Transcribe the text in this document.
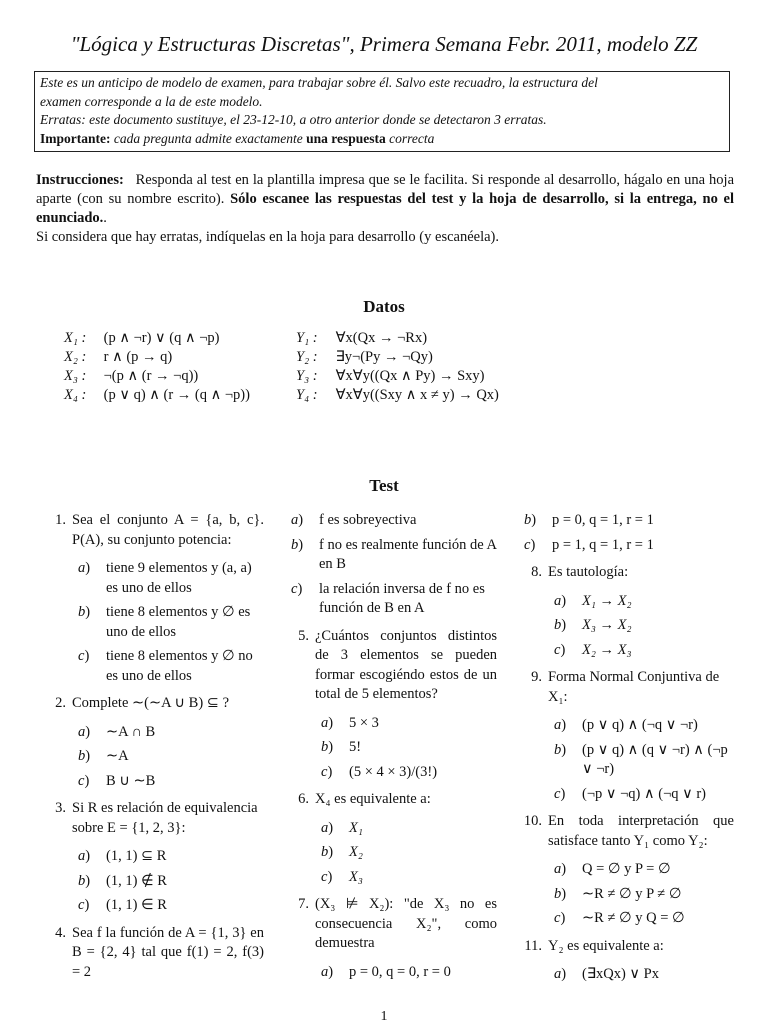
"Lógica y Estructuras Discretas", Primera Semana Febr. 2011, modelo ZZ
Este es un anticipo de modelo de examen, para trabajar sobre él. Salvo este recuadro, la estructura del
examen corresponde a la de este modelo.
Erratas: este documento sustituye, el 23-12-10, a otro anterior donde se detectaron 3 erratas.
Importante: cada pregunta admite exactamente una respuesta correcta
Instrucciones: Responda al test en la plantilla impresa que se le facilita. Si responde al desarrollo, hágalo en una hoja aparte (con su nombre escrito). Sólo escanee las respuestas del test y la hoja de desarrollo, si la entrega, no el enunciado..
Si considera que hay erratas, indíquelas en la hoja para desarrollo (y escanéela).
Datos
X₁ : (p ∧ ¬r) ∨ (q ∧ ¬p)
X₂ : r ∧ (p → q)
X₃ : ¬(p ∧ (r → ¬q))
X₄ : (p ∨ q) ∧ (r → (q ∧ ¬p))
Y₁ : ∀x(Qx → ¬Rx)
Y₂ : ∃y¬(Py → ¬Qy)
Y₃ : ∀x∀y((Qx ∧ Py) → Sxy)
Y₄ : ∀x∀y((Sxy ∧ x ≠ y) → Qx)
Test
1. Sea el conjunto A = {a, b, c}. P(A), su conjunto potencia:
a )	tiene 9 elementos y (a, a) es uno de ellos
b )	tiene 8 elementos y ∅ es uno de ellos
c )	tiene 8 elementos y ∅ no es uno de ellos
2. Complete ∼(∼A ∪ B) ⊆ ?
a )	∼A ∩ B
b )	∼A
c )	B ∪ ∼B
3. Si R es relación de equivalencia sobre E = {1, 2, 3}:
a )	(1, 1) ⊆ R
b )	(1, 1) ∉ R
c )	(1, 1) ∈ R
4. Sea f la función de A = {1, 3} en B = {2, 4} tal que f(1) = 2, f(3) = 2
a )	f es sobreyectiva
b )	f no es realmente función de A en B
c )	la relación inversa de f no es función de B en A
5. ¿Cuántos conjuntos distintos de 3 elementos se pueden formar escogiéndo estos de un total de 5 elementos?
a )	5 × 3
b )	5!
c )	(5 × 4 × 3)/(3!)
6. X₄ es equivalente a:
a )	X₁
b )	X₂
c )	X₃
7. (X₃ ⊭ X₂): "de X₃ no es consecuencia X₂", como demuestra
a )	p = 0, q = 0, r = 0
b )	p = 0, q = 1, r = 1
c )	p = 1, q = 1, r = 1
8. Es tautología:
a )	X₁ → X₂
b )	X₃ → X₂
c )	X₂ → X₃
9. Forma Normal Conjuntiva de X₁:
a )	(p ∨ q) ∧ (¬q ∨ ¬r)
b )	(p ∨ q) ∧ (q ∨ ¬r) ∧ (¬p ∨ ¬r)
c )	(¬p ∨ ¬q) ∧ (¬q ∨ r)
10. En toda interpretación que satisface tanto Y₁ como Y₂:
a )	Q = ∅ y P = ∅
b )	∼R ≠ ∅ y P ≠ ∅
c )	∼R ≠ ∅ y Q = ∅
11. Y₂ es equivalente a:
a )	(∃xQx) ∨ Px
1
